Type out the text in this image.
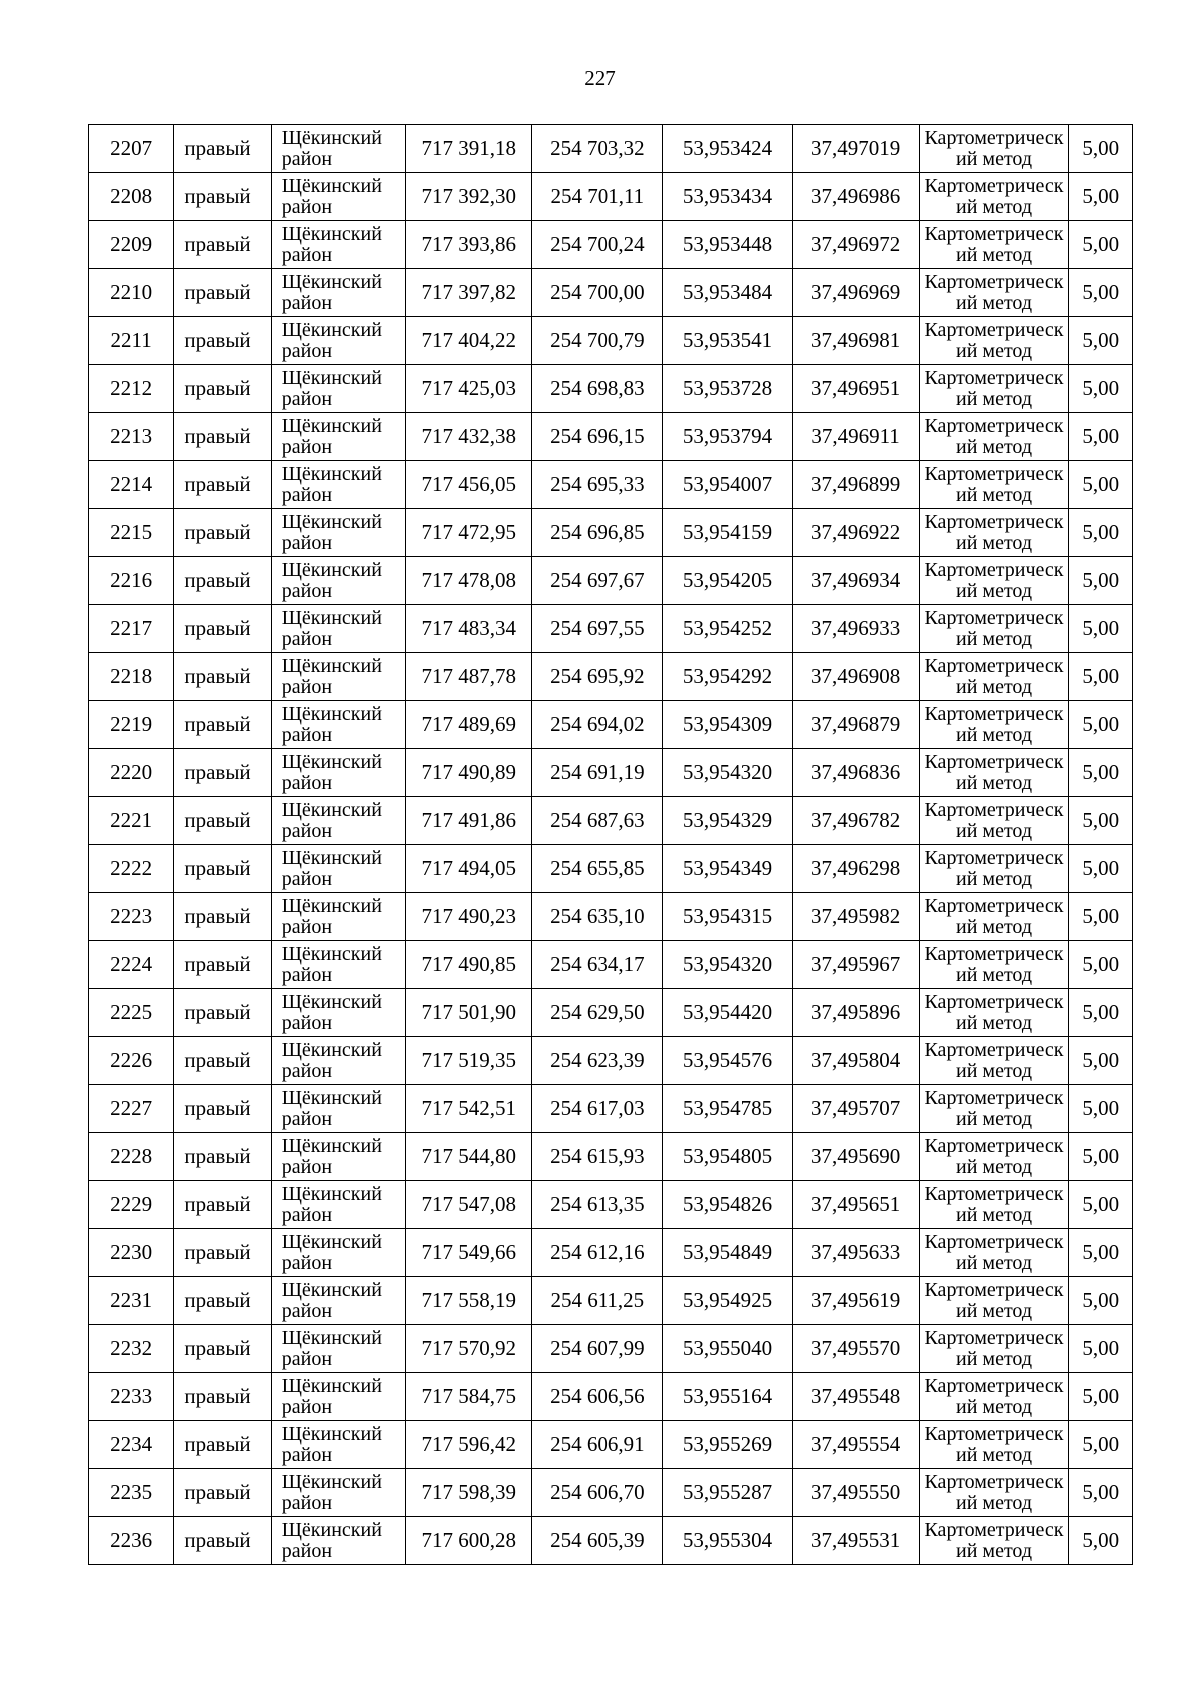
227
2207	правый	Щёкинский район	717 391,18	254 703,32	53,953424	37,497019	Картометрическ ий метод	5,00
2208	правый	Щёкинский район	717 392,30	254 701,11	53,953434	37,496986	Картометрическ ий метод	5,00
2209	правый	Щёкинский район	717 393,86	254 700,24	53,953448	37,496972	Картометрическ ий метод	5,00
2210	правый	Щёкинский район	717 397,82	254 700,00	53,953484	37,496969	Картометрическ ий метод	5,00
2211	правый	Щёкинский район	717 404,22	254 700,79	53,953541	37,496981	Картометрическ ий метод	5,00
2212	правый	Щёкинский район	717 425,03	254 698,83	53,953728	37,496951	Картометрическ ий метод	5,00
2213	правый	Щёкинский район	717 432,38	254 696,15	53,953794	37,496911	Картометрическ ий метод	5,00
2214	правый	Щёкинский район	717 456,05	254 695,33	53,954007	37,496899	Картометрическ ий метод	5,00
2215	правый	Щёкинский район	717 472,95	254 696,85	53,954159	37,496922	Картометрическ ий метод	5,00
2216	правый	Щёкинский район	717 478,08	254 697,67	53,954205	37,496934	Картометрическ ий метод	5,00
2217	правый	Щёкинский район	717 483,34	254 697,55	53,954252	37,496933	Картометрическ ий метод	5,00
2218	правый	Щёкинский район	717 487,78	254 695,92	53,954292	37,496908	Картометрическ ий метод	5,00
2219	правый	Щёкинский район	717 489,69	254 694,02	53,954309	37,496879	Картометрическ ий метод	5,00
2220	правый	Щёкинский район	717 490,89	254 691,19	53,954320	37,496836	Картометрическ ий метод	5,00
2221	правый	Щёкинский район	717 491,86	254 687,63	53,954329	37,496782	Картометрическ ий метод	5,00
2222	правый	Щёкинский район	717 494,05	254 655,85	53,954349	37,496298	Картометрическ ий метод	5,00
2223	правый	Щёкинский район	717 490,23	254 635,10	53,954315	37,495982	Картометрическ ий метод	5,00
2224	правый	Щёкинский район	717 490,85	254 634,17	53,954320	37,495967	Картометрическ ий метод	5,00
2225	правый	Щёкинский район	717 501,90	254 629,50	53,954420	37,495896	Картометрическ ий метод	5,00
2226	правый	Щёкинский район	717 519,35	254 623,39	53,954576	37,495804	Картометрическ ий метод	5,00
2227	правый	Щёкинский район	717 542,51	254 617,03	53,954785	37,495707	Картометрическ ий метод	5,00
2228	правый	Щёкинский район	717 544,80	254 615,93	53,954805	37,495690	Картометрическ ий метод	5,00
2229	правый	Щёкинский район	717 547,08	254 613,35	53,954826	37,495651	Картометрическ ий метод	5,00
2230	правый	Щёкинский район	717 549,66	254 612,16	53,954849	37,495633	Картометрическ ий метод	5,00
2231	правый	Щёкинский район	717 558,19	254 611,25	53,954925	37,495619	Картометрическ ий метод	5,00
2232	правый	Щёкинский район	717 570,92	254 607,99	53,955040	37,495570	Картометрическ ий метод	5,00
2233	правый	Щёкинский район	717 584,75	254 606,56	53,955164	37,495548	Картометрическ ий метод	5,00
2234	правый	Щёкинский район	717 596,42	254 606,91	53,955269	37,495554	Картометрическ ий метод	5,00
2235	правый	Щёкинский район	717 598,39	254 606,70	53,955287	37,495550	Картометрическ ий метод	5,00
2236	правый	Щёкинский район	717 600,28	254 605,39	53,955304	37,495531	Картометрическ ий метод	5,00
